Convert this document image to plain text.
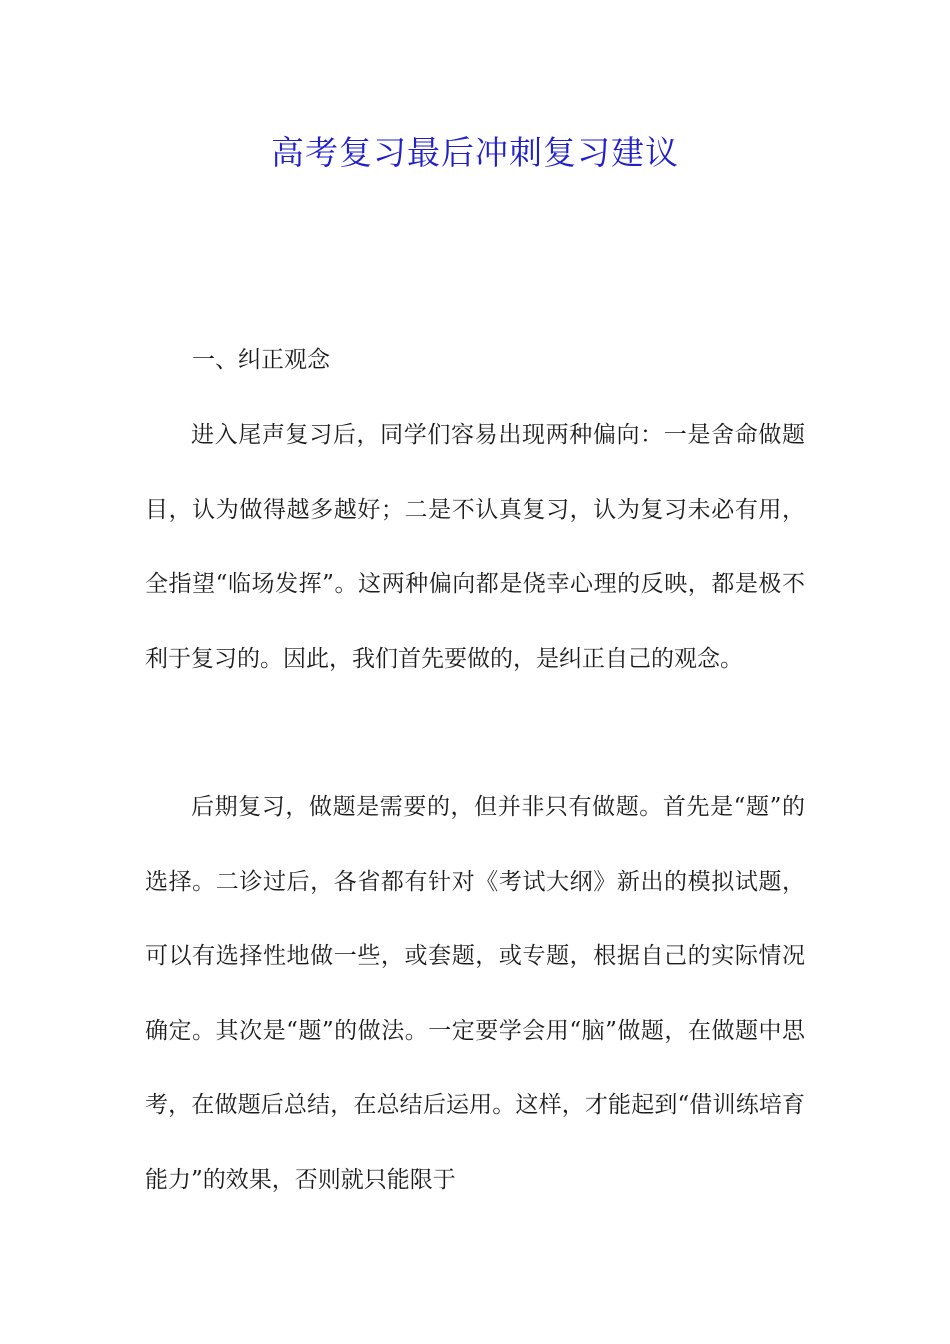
高考复习最后冲刺复习建议
一、纠正观念

进入尾声复习后，同学们容易出现两种偏向：一是舍命做题目，认为做得越多越好；二是不认真复习，认为复习未必有用，全指望“临场发挥”。这两种偏向都是侥幸心理的反映，都是极不利于复习的。因此，我们首先要做的，是纠正自己的观念。

后期复习，做题是需要的，但并非只有做题。首先是“题”的选择。二诊过后，各省都有针对《考试大纲》新出的模拟试题，可以有选择性地做一些，或套题，或专题，根据自己的实际情况确定。其次是“题”的做法。一定要学会用“脑”做题，在做题中思考，在做题后总结，在总结后运用。这样，才能起到“借训练培育能力”的效果，否则就只能限于
